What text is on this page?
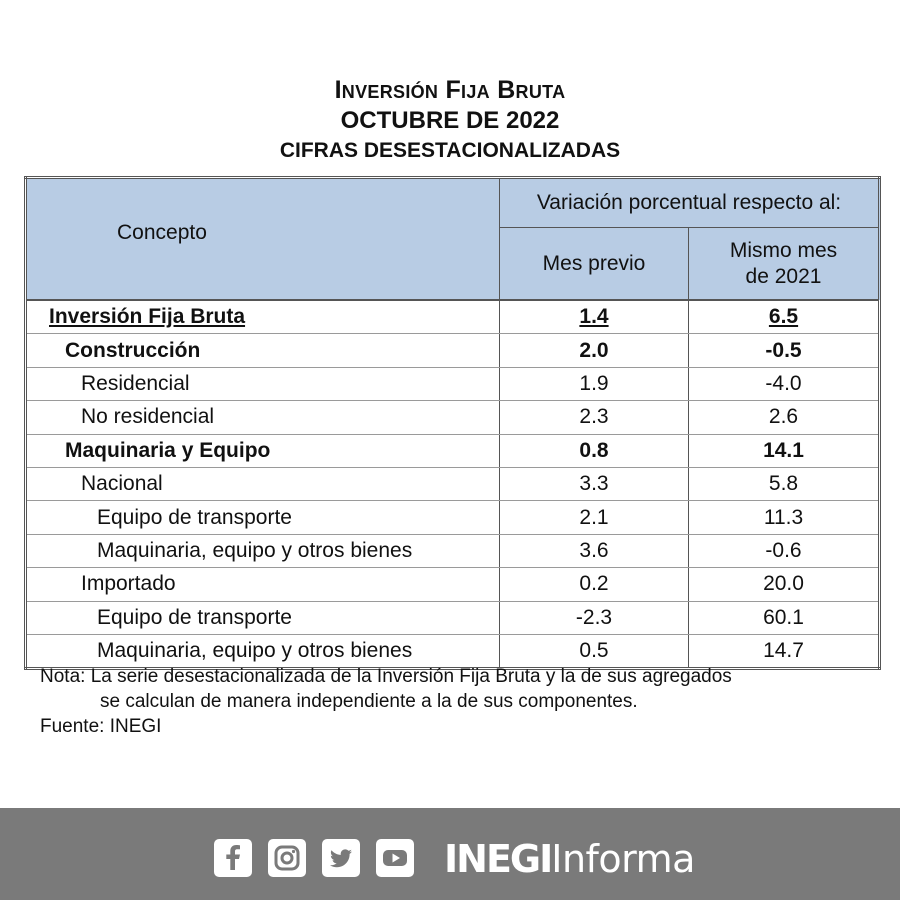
Inversión Fija Bruta
OCTUBRE DE 2022
CIFRAS DESESTACIONALIZADAS
Concepto	Variación porcentual respecto al:	
	Mes previo	Mismo mes
de 2021
Inversión Fija Bruta	1.4	6.5
Construcción	2.0	-0.5
Residencial	1.9	-4.0
No residencial	2.3	2.6
Maquinaria y Equipo	0.8	14.1
Nacional	3.3	5.8
Equipo de transporte	2.1	11.3
Maquinaria, equipo y otros bienes	3.6	-0.6
Importado	0.2	20.0
Equipo de transporte	-2.3	60.1
Maquinaria, equipo y otros bienes	0.5	14.7
Nota: La serie desestacionalizada de la Inversión Fija Bruta y la de sus agregados
se calculan de manera independiente a la de sus componentes.
Fuente: INEGI
INEGIInforma
